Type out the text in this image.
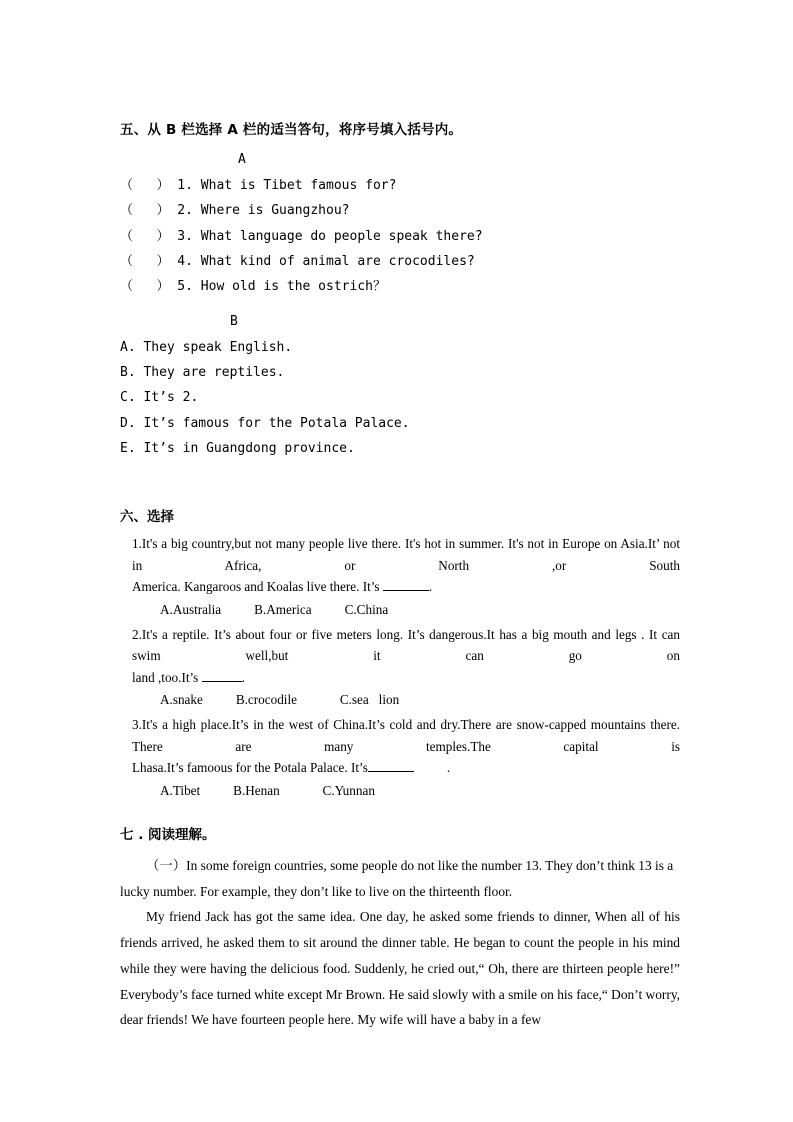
五、从 B 栏选择 A 栏的适当答句，将序号填入括号内。
A
（   ） 1. What is Tibet famous for?
（   ） 2. Where is Guangzhou?
（   ） 3. What language do people speak there?
（   ） 4. What kind of animal are crocodiles?
（   ） 5. How old is the ostrich？
B
A. They speak English.
B. They are reptiles.
C. It’s 2.
D. It’s famous for the Potala Palace.
E. It’s in Guangdong province.
六、选择
1.It's a big country,but not many people live there. It's hot in summer. It's not in Europe on Asia.It’ not in Africa, or North ,or South
America. Kangaroos and Koalas live there. It’s	.
A.Australia          B.America          C.China
2.It's a reptile. It’s about four or five meters long. It’s dangerous.It has a big mouth and legs . It can swim well,but it can go on
land ,too.It’s	.
A.snake          B.crocodile             C.sea   lion
3.It's a high place.It’s in the west of China.It’s cold and dry.There are snow-capped mountains there. There are many temples.The capital is
Lhasa.It’s famoous for the Potala Palace. It’s	.
A.Tibet          B.Henan             C.Yunnan
七 . 阅读理解。

（一）In some foreign countries, some people do not like the number 13. They don’t think 13 is a

lucky number. For example, they don’t like to live on the thirteenth floor.

My friend Jack has got the same idea. One day, he asked some friends to dinner, When all of his friends arrived, he asked them to sit around the dinner table. He began to count the people in his mind while they were having the delicious food. Suddenly, he cried out,“ Oh, there are thirteen people here!” Everybody’s face turned white except Mr Brown. He said slowly with a smile on his face,“ Don’t worry, dear friends! We have fourteen people here. My wife will have a baby in a few
